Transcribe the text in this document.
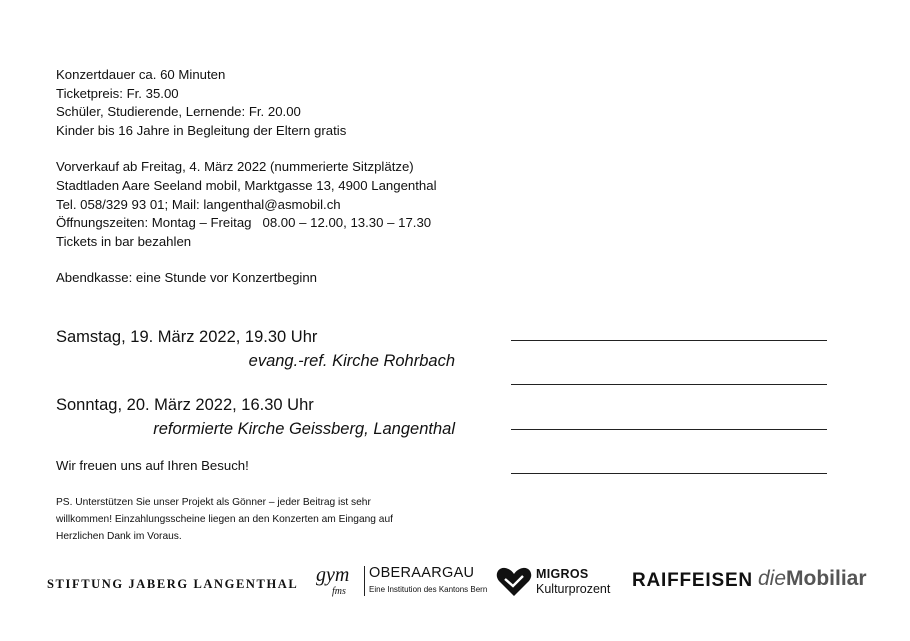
Konzertdauer ca. 60 Minuten

Ticketpreis: Fr. 35.00

Schüler, Studierende, Lernende: Fr. 20.00

Kinder bis 16 Jahre in Begleitung der Eltern gratis

Vorverkauf ab Freitag, 4. März 2022 (nummerierte Sitzplätze)

Stadtladen Aare Seeland mobil, Marktgasse 13, 4900 Langenthal

Tel. 058/329 93 01; Mail: langenthal@asmobil.ch

Öffnungszeiten: Montag – Freitag   08.00 – 12.00, 13.30 – 17.30

Tickets in bar bezahlen

Abendkasse: eine Stunde vor Konzertbeginn

Samstag, 19. März 2022, 19.30 Uhr
evang.-ref. Kirche Rohrbach
Sonntag, 20. März 2022, 16.30 Uhr
reformierte Kirche Geissberg, Langenthal
Wir freuen uns auf Ihren Besuch!

PS. Unterstützen Sie unser Projekt als Gönner – jeder Beitrag ist sehr

willkommen! Einzahlungsscheine liegen an den Konzerten am Eingang auf

Herzlichen Dank im Voraus.

STIFTUNG JABERG LANGENTHAL gym
fms
OBERAARGAU
Eine Institution des Kantons Bern
MIGROS
Kulturprozent RAIFFEISEN dieMobiliar
